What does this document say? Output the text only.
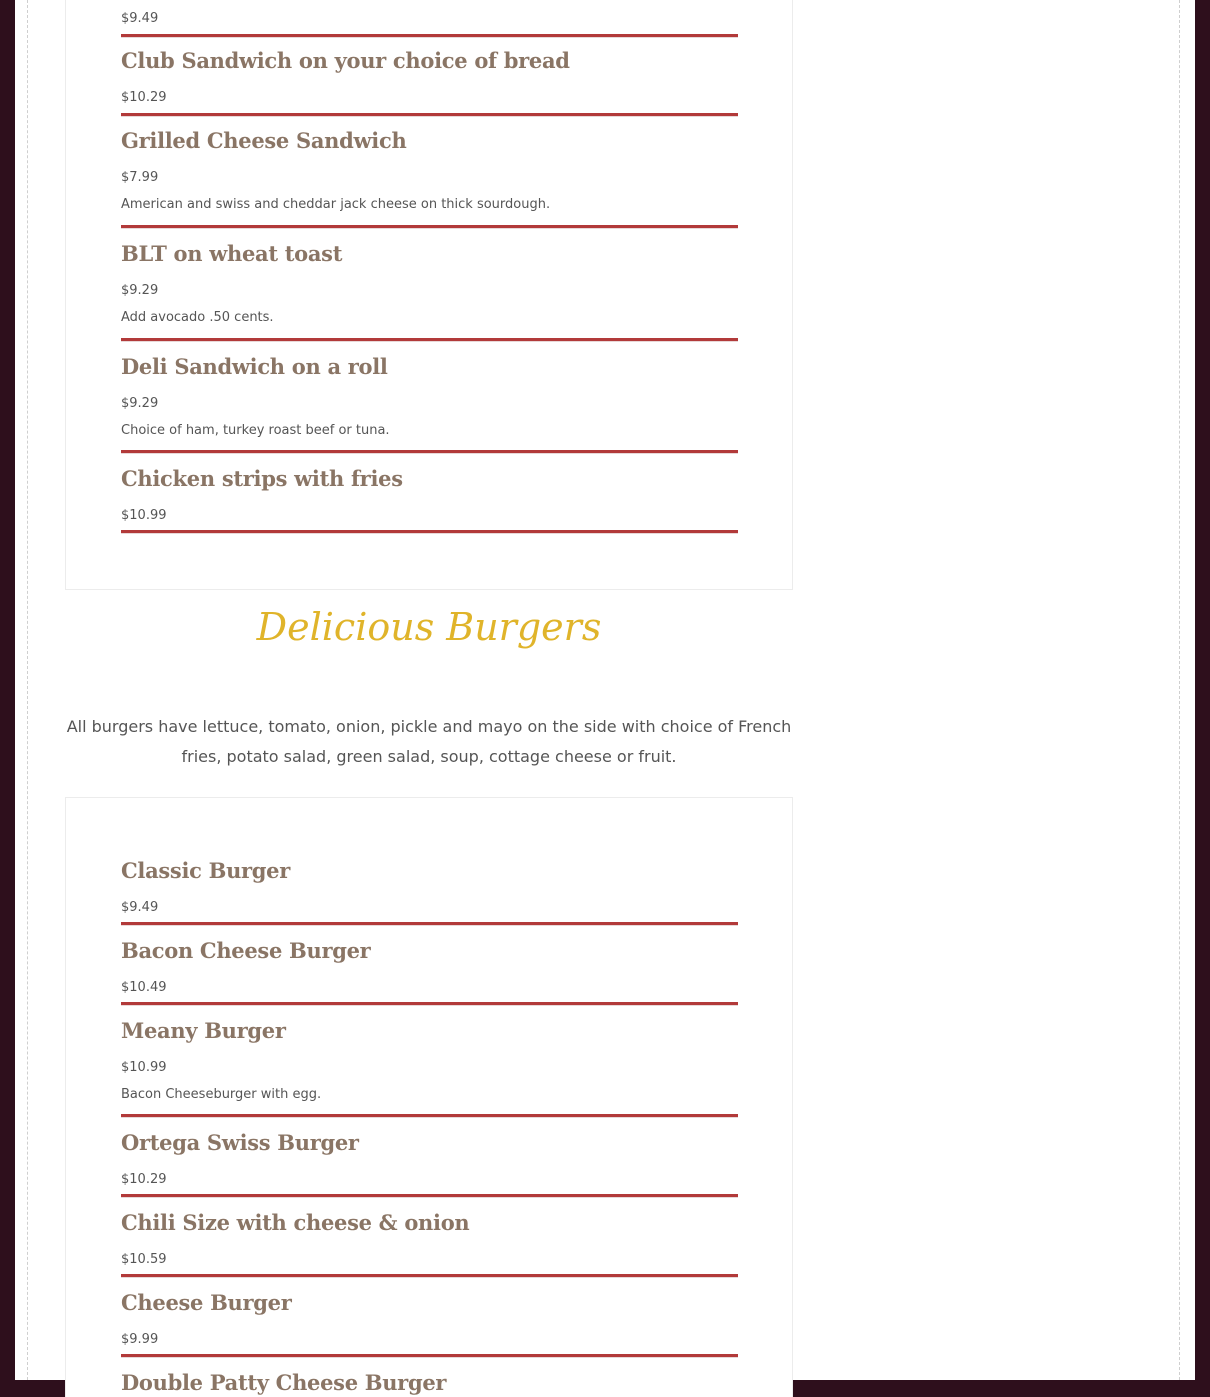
$9.49
Club Sandwich on your choice of bread
$10.29
Grilled Cheese Sandwich
$7.99
American and swiss and cheddar jack cheese on thick sourdough.
BLT on wheat toast
$9.29
Add avocado .50 cents.
Deli Sandwich on a roll
$9.29
Choice of ham, turkey roast beef or tuna.
Chicken strips with fries
$10.99
Delicious Burgers
All burgers have lettuce, tomato, onion, pickle and mayo on the side with choice of French fries, potato salad, green salad, soup, cottage cheese or fruit.
Classic Burger
$9.49
Bacon Cheese Burger
$10.49
Meany Burger
$10.99
Bacon Cheeseburger with egg.
Ortega Swiss Burger
$10.29
Chili Size with cheese & onion
$10.59
Cheese Burger
$9.99
Double Patty Cheese Burger
